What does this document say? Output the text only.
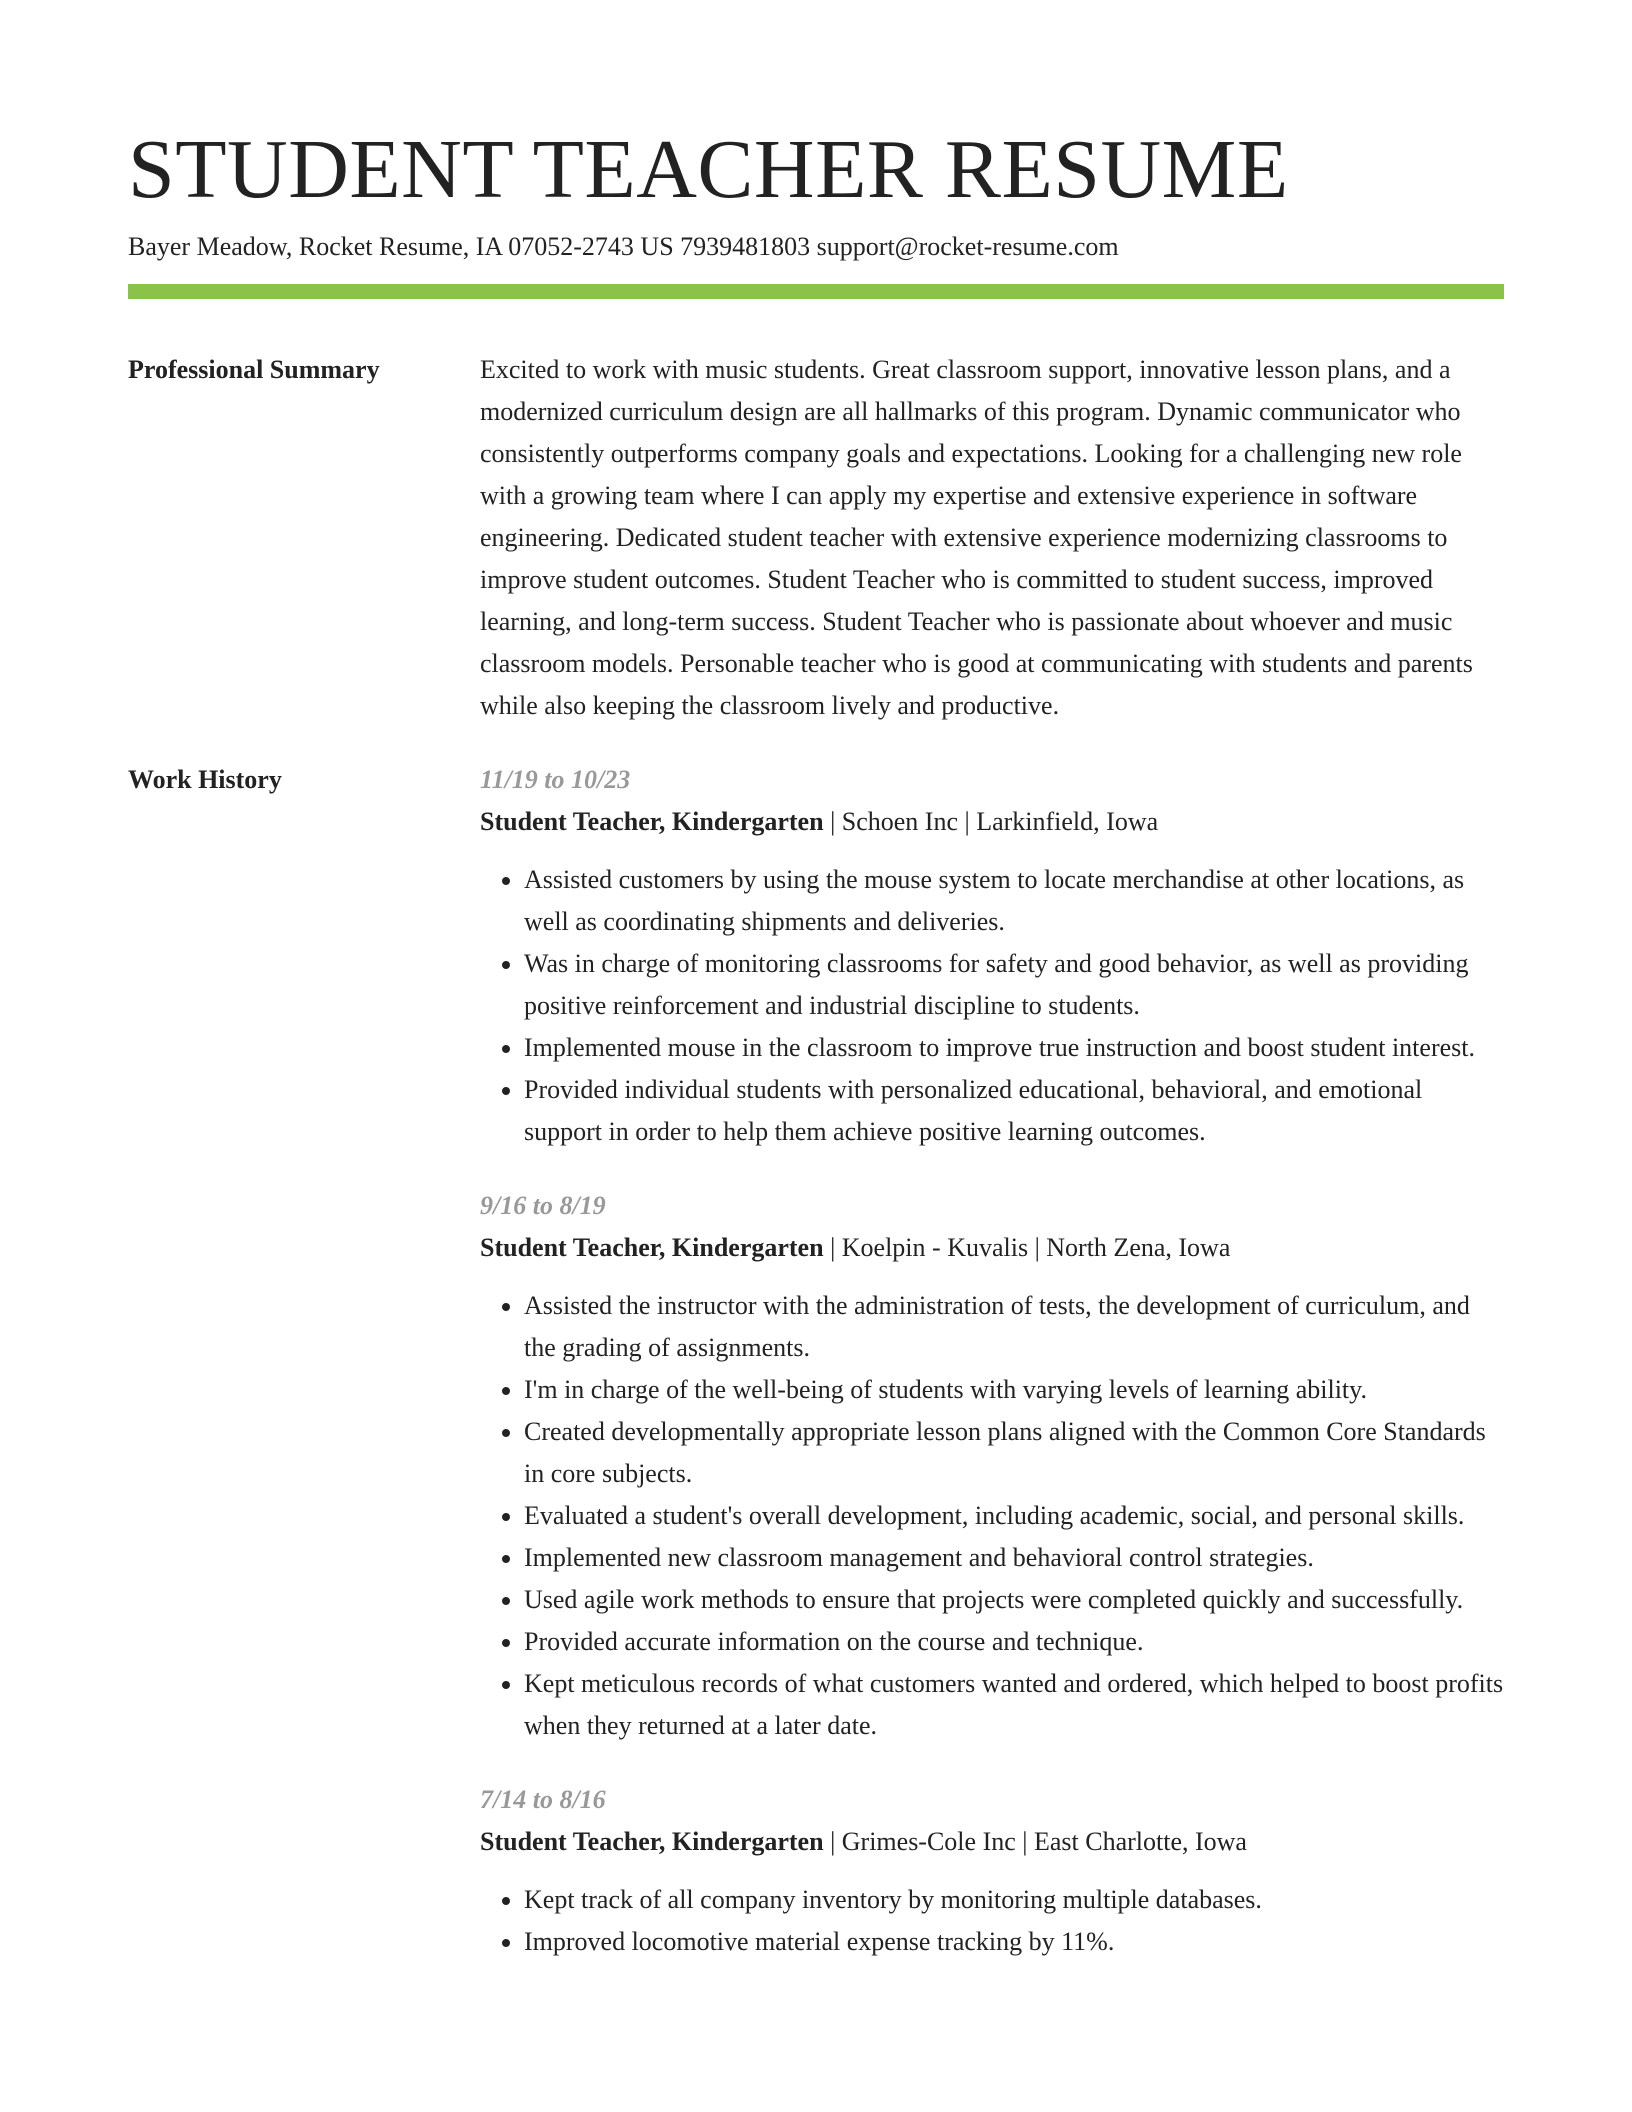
STUDENT TEACHER RESUME
Bayer Meadow, Rocket Resume, IA 07052-2743 US 7939481803 support@rocket-resume.com
Professional Summary	Excited to work with music students. Great classroom support, innovative lesson plans, and a modernized curriculum design are all hallmarks of this program. Dynamic communicator who consistently outperforms company goals and expectations. Looking for a challenging new role with a growing team where I can apply my expertise and extensive experience in software engineering. Dedicated student teacher with extensive experience modernizing classrooms to improve student outcomes. Student Teacher who is committed to student success, improved learning, and long-term success. Student Teacher who is passionate about whoever and music classroom models. Personable teacher who is good at communicating with students and parents while also keeping the classroom lively and productive.

Work History	11/19 to 10/23
Student Teacher, Kindergarten | Schoen Inc | Larkinfield, Iowa
• Assisted customers by using the mouse system to locate merchandise at other locations, as well as coordinating shipments and deliveries.
• Was in charge of monitoring classrooms for safety and good behavior, as well as providing positive reinforcement and industrial discipline to students.
• Implemented mouse in the classroom to improve true instruction and boost student interest.
• Provided individual students with personalized educational, behavioral, and emotional support in order to help them achieve positive learning outcomes.
9/16 to 8/19
Student Teacher, Kindergarten | Koelpin - Kuvalis | North Zena, Iowa
• Assisted the instructor with the administration of tests, the development of curriculum, and the grading of assignments.
• I'm in charge of the well-being of students with varying levels of learning ability.
• Created developmentally appropriate lesson plans aligned with the Common Core Standards in core subjects.
• Evaluated a student's overall development, including academic, social, and personal skills.
• Implemented new classroom management and behavioral control strategies.
• Used agile work methods to ensure that projects were completed quickly and successfully.
• Provided accurate information on the course and technique.
• Kept meticulous records of what customers wanted and ordered, which helped to boost profits when they returned at a later date.
7/14 to 8/16
Student Teacher, Kindergarten | Grimes-Cole Inc | East Charlotte, Iowa
• Kept track of all company inventory by monitoring multiple databases.
• Improved locomotive material expense tracking by 11%.
